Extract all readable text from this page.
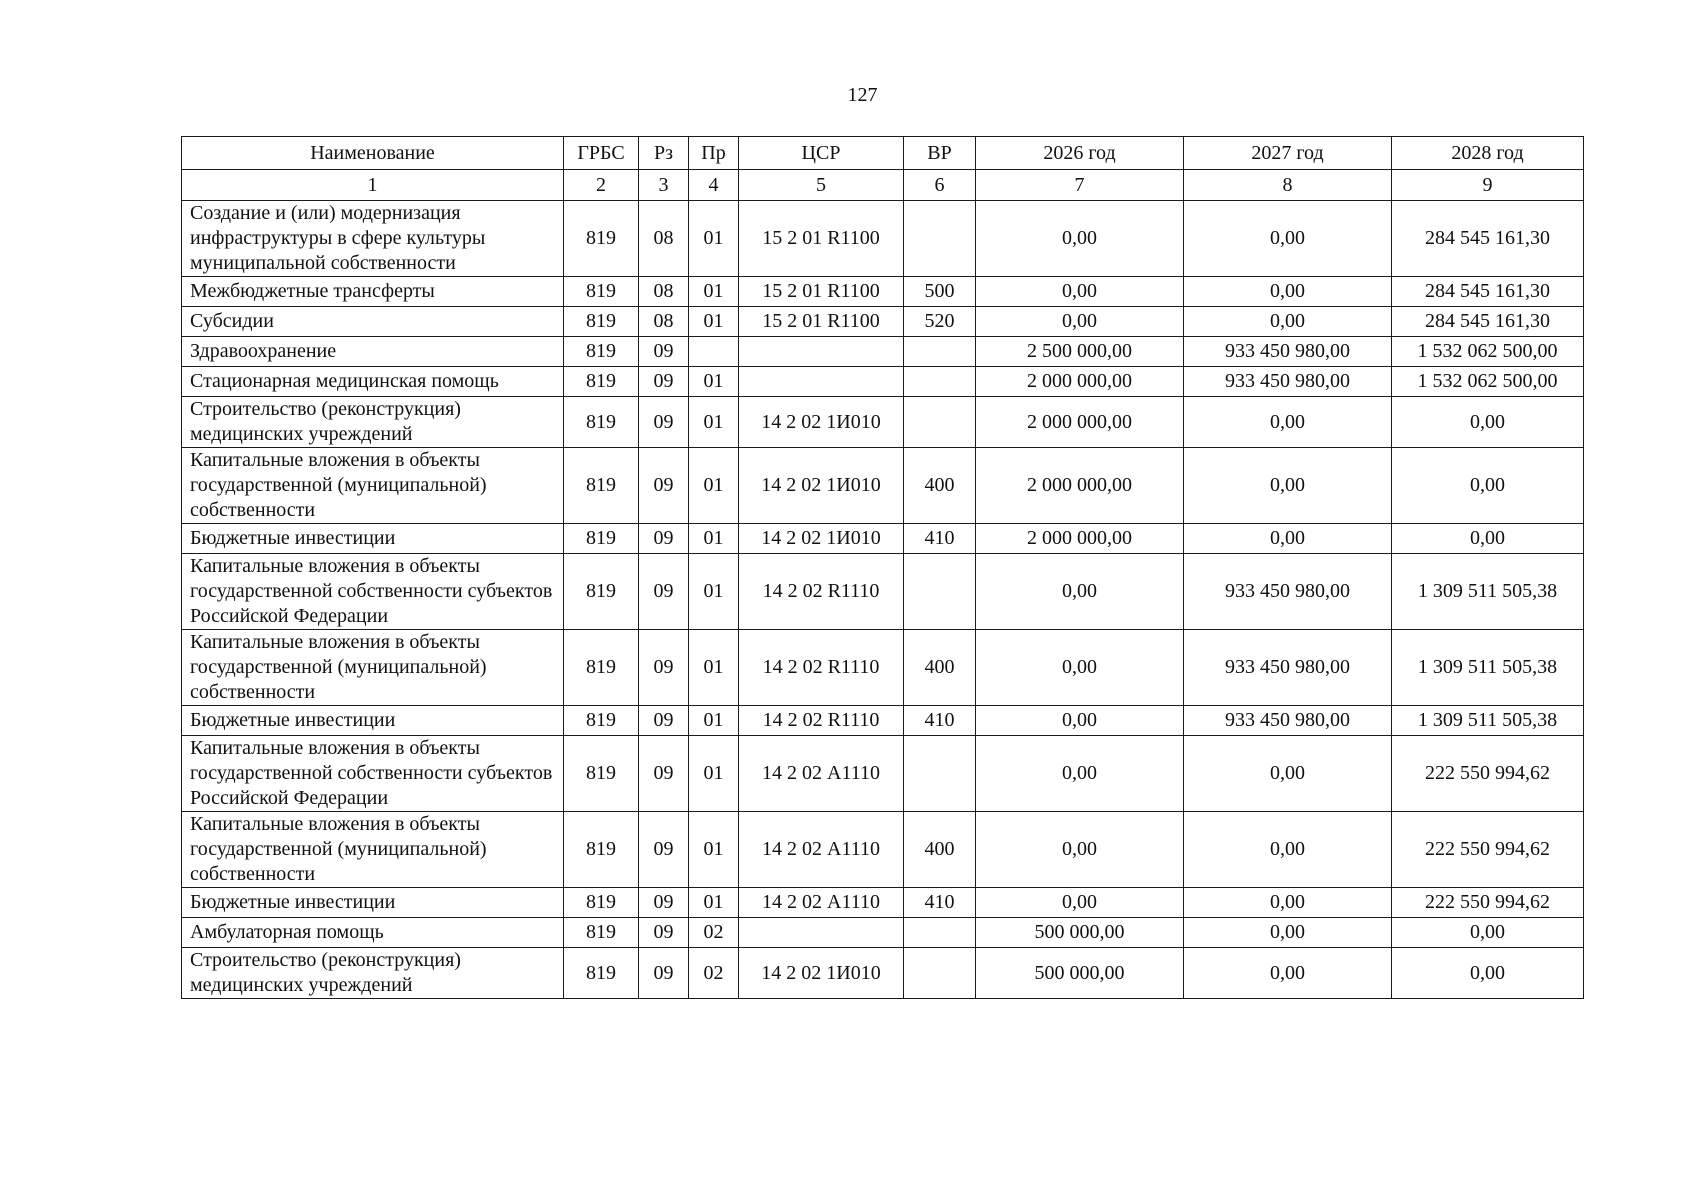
127
Наименование	ГРБС	Рз	Пр	ЦСР	ВР	2026 год	2027 год	2028 год
1	2	3	4	5	6	7	8	9
Создание и (или) модернизация инфраструктуры в сфере культуры муниципальной собственности	819	08	01	15 2 01 R1100		0,00	0,00	284 545 161,30
Межбюджетные трансферты	819	08	01	15 2 01 R1100	500	0,00	0,00	284 545 161,30
Субсидии	819	08	01	15 2 01 R1100	520	0,00	0,00	284 545 161,30
Здравоохранение	819	09				2 500 000,00	933 450 980,00	1 532 062 500,00
Стационарная медицинская помощь	819	09	01			2 000 000,00	933 450 980,00	1 532 062 500,00
Строительство (реконструкция) медицинских учреждений	819	09	01	14 2 02 1И010		2 000 000,00	0,00	0,00
Капитальные вложения в объекты государственной (муниципальной) собственности	819	09	01	14 2 02 1И010	400	2 000 000,00	0,00	0,00
Бюджетные инвестиции	819	09	01	14 2 02 1И010	410	2 000 000,00	0,00	0,00
Капитальные вложения в объекты государственной собственности субъектов Российской Федерации	819	09	01	14 2 02 R1110		0,00	933 450 980,00	1 309 511 505,38
Капитальные вложения в объекты государственной (муниципальной) собственности	819	09	01	14 2 02 R1110	400	0,00	933 450 980,00	1 309 511 505,38
Бюджетные инвестиции	819	09	01	14 2 02 R1110	410	0,00	933 450 980,00	1 309 511 505,38
Капитальные вложения в объекты государственной собственности субъектов Российской Федерации	819	09	01	14 2 02 А1110		0,00	0,00	222 550 994,62
Капитальные вложения в объекты государственной (муниципальной) собственности	819	09	01	14 2 02 А1110	400	0,00	0,00	222 550 994,62
Бюджетные инвестиции	819	09	01	14 2 02 А1110	410	0,00	0,00	222 550 994,62
Амбулаторная помощь	819	09	02			500 000,00	0,00	0,00
Строительство (реконструкция) медицинских учреждений	819	09	02	14 2 02 1И010		500 000,00	0,00	0,00
